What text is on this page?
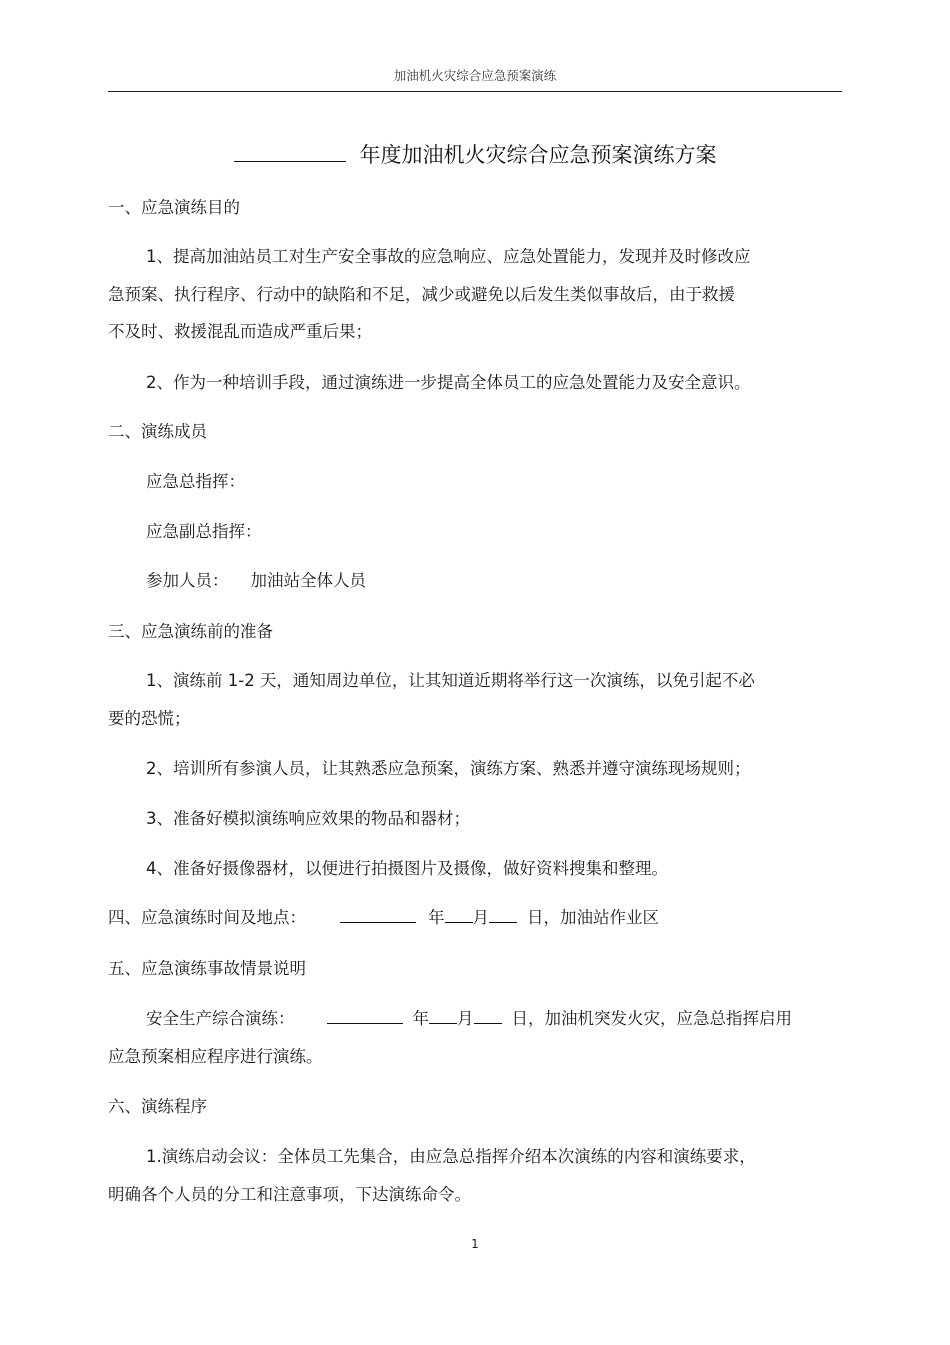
加油机火灾综合应急预案演练
年度加油机火灾综合应急预案演练方案
一、应急演练目的
1、提高加油站员工对生产安全事故的应急响应、应急处置能力，发现并及时修改应
急预案、执行程序、行动中的缺陷和不足，减少或避免以后发生类似事故后，由于救援
不及时、救援混乱而造成严重后果；
2、作为一种培训手段，通过演练进一步提高全体员工的应急处置能力及安全意识。
二、演练成员
应急总指挥：
应急副总指挥：
参加人员： 加油站全体人员
三、应急演练前的准备
1、演练前 1-2 天，通知周边单位，让其知道近期将举行这一次演练，以免引起不必
要的恐慌；
2、培训所有参演人员，让其熟悉应急预案，演练方案、熟悉并遵守演练现场规则；
3、准备好模拟演练响应效果的物品和器材；
4、准备好摄像器材，以便进行拍摄图片及摄像，做好资料搜集和整理。
四、应急演练时间及地点：	年 月 日，加油站作业区
五、应急演练事故情景说明
安全生产综合演练：	年 月 日，加油机突发火灾，应急总指挥启用
应急预案相应程序进行演练。
六、演练程序
1.演练启动会议：全体员工先集合，由应急总指挥介绍本次演练的内容和演练要求，
明确各个人员的分工和注意事项，下达演练命令。
1
